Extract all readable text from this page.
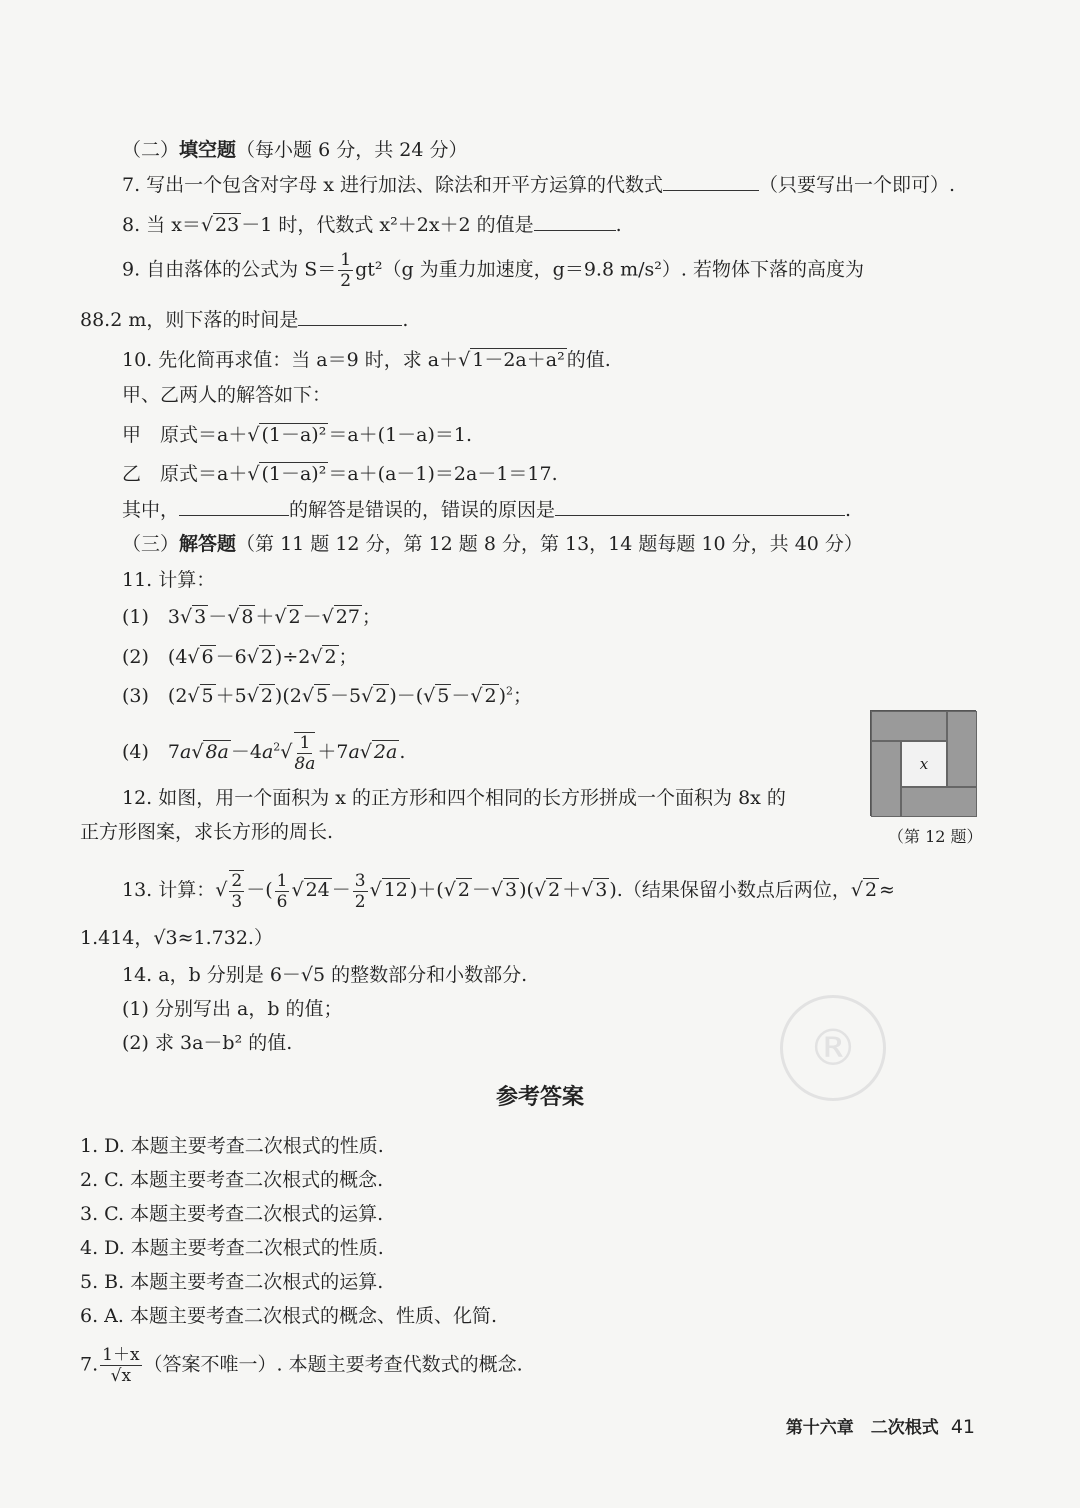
®
（二）填空题（每小题 6 分，共 24 分）
7. 写出一个包含对字母 x 进行加法、除法和开平方运算的代数式	（只要写出一个即可）.
8. 当 x＝√ 23 －1 时，代数式 x²＋2x＋2 的值是	.
9. 自由落体的公式为 $S= \frac{1}{2} gt^2(g$ 为重力加速度，g＝9.8 m/s²）. 若物体下落的高度为
88.2 m，则下落的时间是	.
10. 先化简再求值：当 a＝9 时，求 a＋√ 1－2a＋a² 的值.
甲、乙两人的解答如下：
甲　 原式＝a＋√ (1－a)² ＝a＋(1－a)＝1.
乙　 原式＝a＋√ (1－a)² ＝a＋(a－1)＝2a－1＝17.
其中，	的解答是错误的，错误的原因是	.
（三）解答题（第 11 题 12 分，第 12 题 8 分，第 13，14 题每题 10 分，共 40 分）
11. 计算：
(1)　3√ 3 －√ 8 ＋√ 2 －√ 27 ；
(2)　(4√ 6 －6√ 2 )÷2√ 2 ；
(3)　(2√ 5 ＋5√ 2 )(2√ 5 －5√ 2 )－(√ 5 －√ 2 )$^2$；
(4)　7a√ $8a -4a^2√ \frac{1}{8a} +7a√$ 2a .
x
（第 12 题）
12. 如图，用一个面积为 x 的正方形和四个相同的长方形拼成一个面积为 8x 的
正方形图案，求长方形的周长.
13. 计算：√ $\frac{2}{3}$ －( $\frac{1}{6}$ √ $24 - \frac{3}{2}$ √ 12 )＋(√ 2 －√ 3 )(√ 2 ＋√ 3 ).（结果保留小数点后两位，√ 2 ≈
1.414，√3≈1.732.）
14. a，b 分别是 6－√5 的整数部分和小数部分.
(1) 分别写出 a，b 的值；
(2) 求 3a－b² 的值.
参考答案
1. D. 本题主要考查二次根式的性质.
2. C. 本题主要考查二次根式的概念.
3. C. 本题主要考查二次根式的运算.
4. D. 本题主要考查二次根式的性质.
5. B. 本题主要考查二次根式的运算.
6. A. 本题主要考查二次根式的概念、性质、化简.
7. $\frac{1+x}{√x}$ （答案不唯一）. 本题主要考查代数式的概念.
第十六章　二次根式 41
